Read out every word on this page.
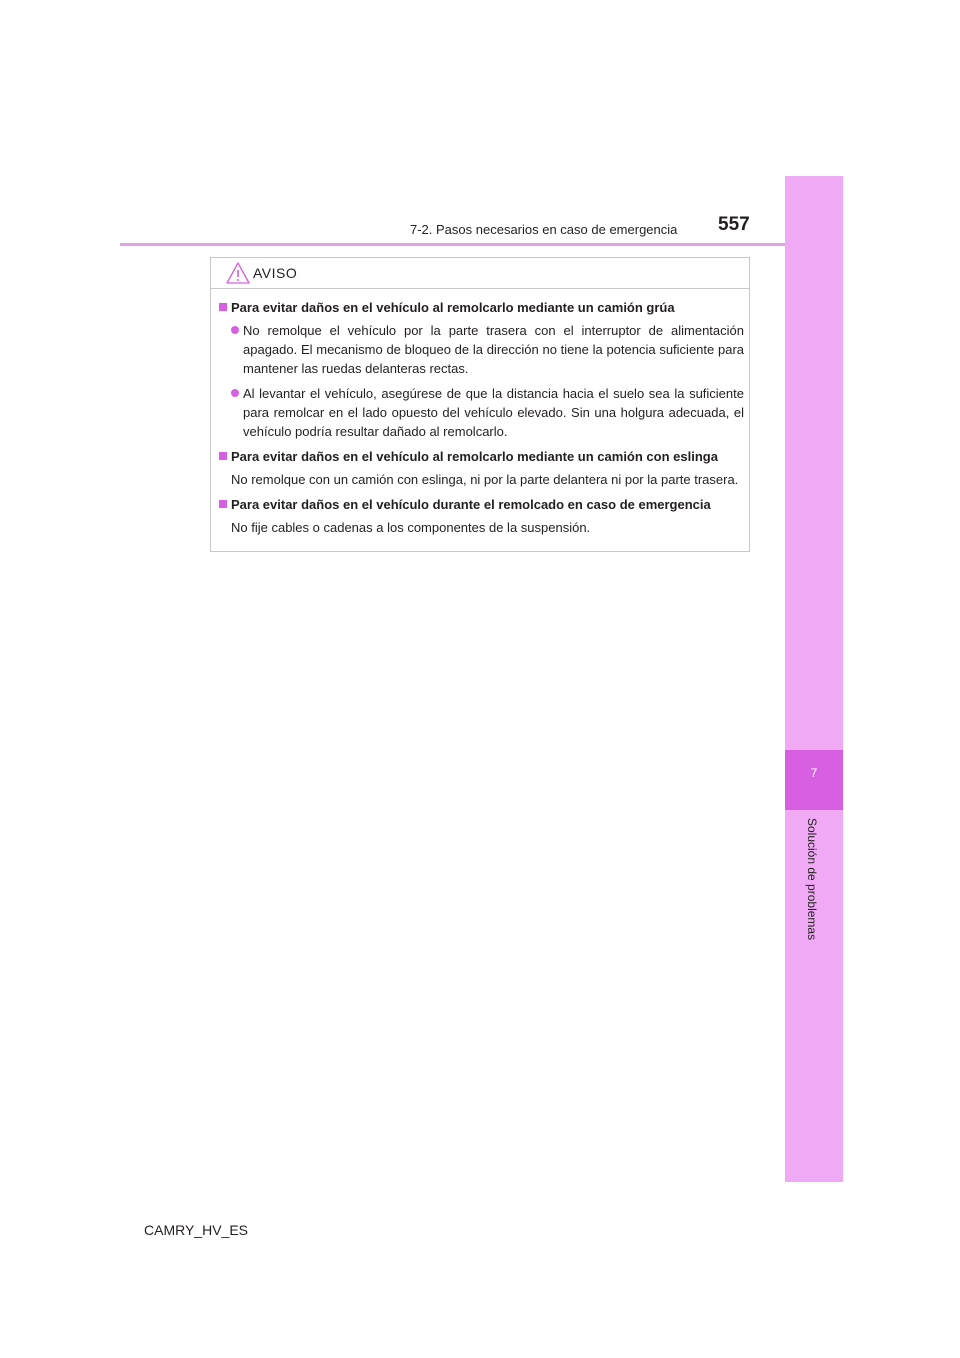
7-2. Pasos necesarios en caso de emergencia 557
7
Solución de problemas
AVISO
Para evitar daños en el vehículo al remolcarlo mediante un camión grúa
No remolque el vehículo por la parte trasera con el interruptor de alimentación apagado. El mecanismo de bloqueo de la dirección no tiene la potencia suficiente para mantener las ruedas delanteras rectas.
Al levantar el vehículo, asegúrese de que la distancia hacia el suelo sea la suficiente para remolcar en el lado opuesto del vehículo elevado. Sin una holgura adecuada, el vehículo podría resultar dañado al remolcarlo.
Para evitar daños en el vehículo al remolcarlo mediante un camión con eslinga
No remolque con un camión con eslinga, ni por la parte delantera ni por la parte trasera.
Para evitar daños en el vehículo durante el remolcado en caso de emergencia
No fije cables o cadenas a los componentes de la suspensión.
CAMRY_HV_ES
